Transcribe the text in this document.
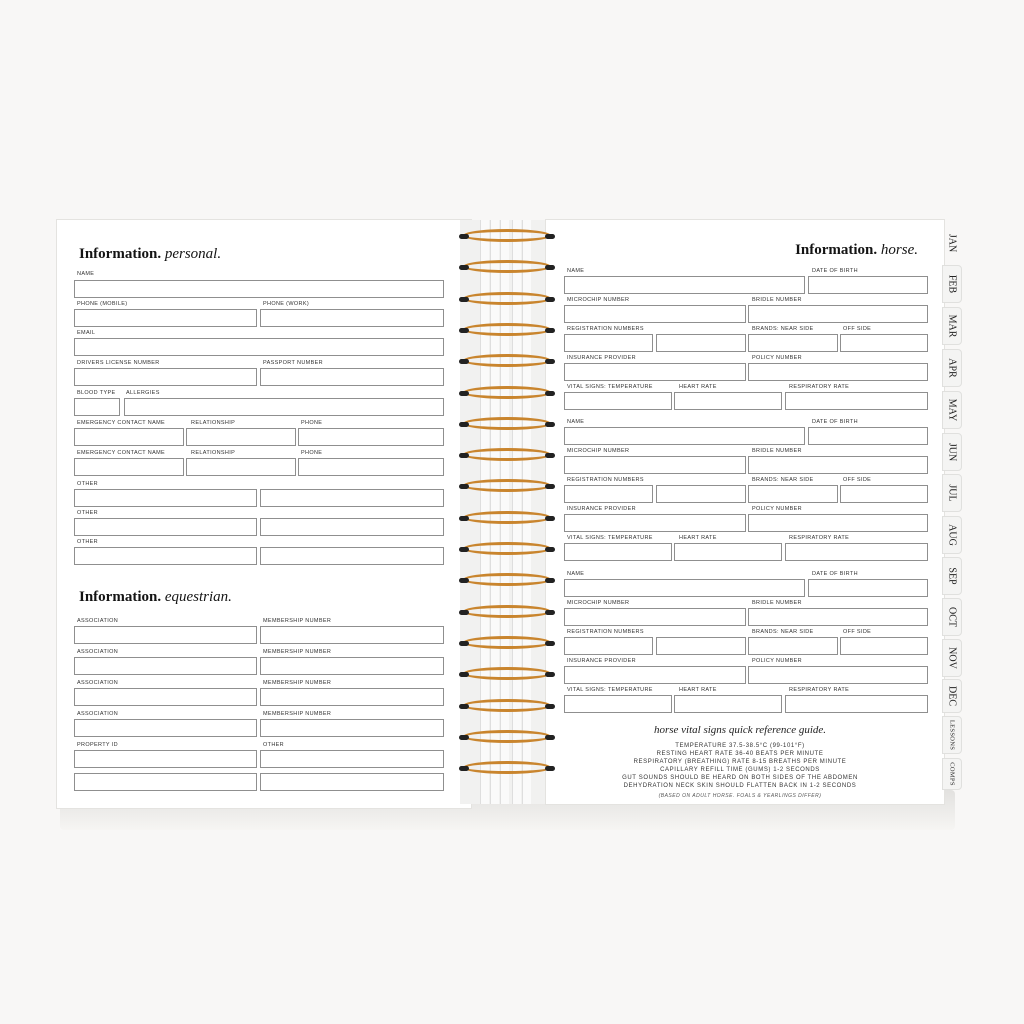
Information. personal.
NAME
PHONE (MOBILE)	PHONE (WORK)
EMAIL
DRIVERS LICENSE NUMBER	PASSPORT NUMBER
BLOOD TYPE ALLERGIES
EMERGENCY CONTACT NAME	RELATIONSHIP	PHONE
EMERGENCY CONTACT NAME	RELATIONSHIP	PHONE
OTHER
OTHER
OTHER
Information. equestrian.
ASSOCIATION	MEMBERSHIP NUMBER
ASSOCIATION	MEMBERSHIP NUMBER
ASSOCIATION	MEMBERSHIP NUMBER
ASSOCIATION	MEMBERSHIP NUMBER
PROPERTY ID	OTHER
Information. horse.
NAME	DATE OF BIRTH
MICROCHIP NUMBER	BRIDLE NUMBER
REGISTRATION NUMBERS	BRANDS: NEAR SIDE	OFF SIDE
INSURANCE PROVIDER	POLICY NUMBER
VITAL SIGNS: TEMPERATURE	HEART RATE	RESPIRATORY RATE
NAME	DATE OF BIRTH
MICROCHIP NUMBER	BRIDLE NUMBER
REGISTRATION NUMBERS	BRANDS: NEAR SIDE	OFF SIDE
INSURANCE PROVIDER	POLICY NUMBER
VITAL SIGNS: TEMPERATURE	HEART RATE	RESPIRATORY RATE
NAME	DATE OF BIRTH
MICROCHIP NUMBER	BRIDLE NUMBER
REGISTRATION NUMBERS	BRANDS: NEAR SIDE	OFF SIDE
INSURANCE PROVIDER	POLICY NUMBER
VITAL SIGNS: TEMPERATURE	HEART RATE	RESPIRATORY RATE
horse vital signs quick reference guide.
TEMPERATURE 37.5-38.5°C (99-101°F)
RESTING HEART RATE 36-40 BEATS PER MINUTE
RESPIRATORY (BREATHING) RATE 8-15 BREATHS PER MINUTE
CAPILLARY REFILL TIME (GUMS) 1-2 SECONDS
GUT SOUNDS SHOULD BE HEARD ON BOTH SIDES OF THE ABDOMEN
DEHYDRATION NECK SKIN SHOULD FLATTEN BACK IN 1-2 SECONDS
(BASED ON ADULT HORSE. FOALS & YEARLINGS DIFFER)
JAN
FEB
MAR
APR
MAY
JUN
JUL
AUG
SEP
OCT
NOV
DEC
LESSONS
COMPS
